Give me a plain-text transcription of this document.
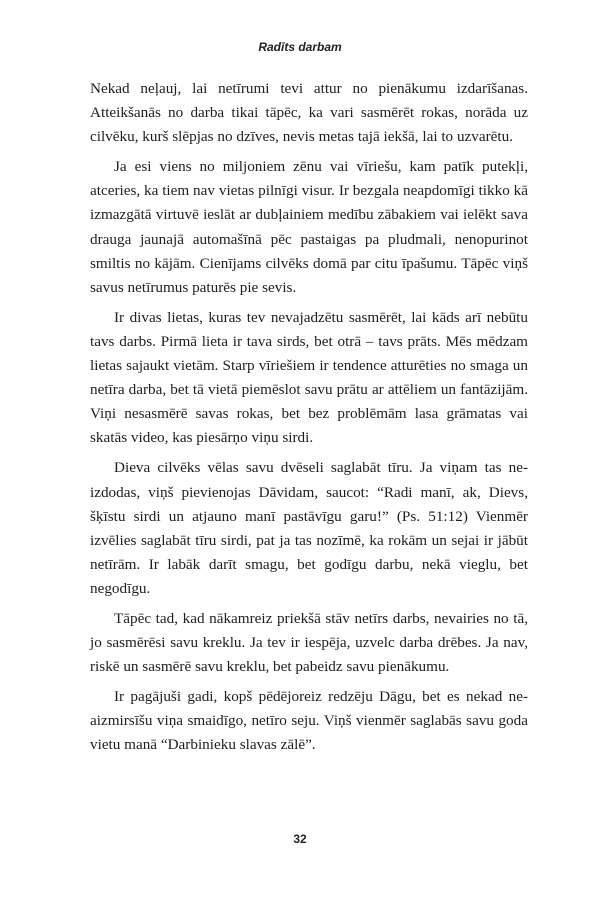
Radīts darbam

Nekad neļauj, lai netīrumi tevi attur no pienākumu izdarīšanas. Atteikšanās no darba tikai tāpēc, ka vari sasmērēt rokas, norāda uz cilvēku, kurš slēpjas no dzīves, nevis metas tajā iekšā, lai to uzvarētu.

Ja esi viens no miljoniem zēnu vai vīriešu, kam patīk putekļi, atceries, ka tiem nav vietas pilnīgi visur. Ir bezgala neapdomīgi tikko kā izmazgātā virtuvē ieslāt ar dubļainiem medību zābakiem vai ielēkt sava drauga jaunajā automašīnā pēc pastaigas pa pludmali, nenopurinot smiltis no kājām. Cienījams cilvēks domā par citu īpašumu. Tāpēc viņš savus netīrumus paturēs pie sevis.

Ir divas lietas, kuras tev nevajadzētu sasmērēt, lai kāds arī nebūtu tavs darbs. Pirmā lieta ir tava sirds, bet otrā – tavs prāts. Mēs mēdzam lietas sajaukt vietām. Starp vīriešiem ir tendence atturēties no smaga un netīra darba, bet tā vietā piemēslot savu prātu ar attēliem un fantāzijām. Viņi nesasmērē savas rokas, bet bez problēmām lasa grāmatas vai skatās video, kas piesārņo viņu sirdi.

Dieva cilvēks vēlas savu dvēseli saglabāt tīru. Ja viņam tas neizdodas, viņš pievienojas Dāvidam, saucot: “Radi manī, ak, Dievs, šķīstu sirdi un atjauno manī pastāvīgu garu!” (Ps. 51:12) Vienmēr izvēlies saglabāt tīru sirdi, pat ja tas nozīmē, ka rokām un sejai ir jābūt netīrām. Ir labāk darīt smagu, bet godīgu darbu, nekā vieglu, bet negodīgu.

Tāpēc tad, kad nākamreiz priekšā stāv netīrs darbs, nevairies no tā, jo sasmērēsi savu kreklu. Ja tev ir iespēja, uzvelc darba drēbes. Ja nav, riskē un sasmērē savu kreklu, bet pabeidz savu pienākumu.

Ir pagājuši gadi, kopš pēdējoreiz redzēju Dāgu, bet es nekad neaizmirsīšu viņa smaidīgo, netīro seju. Viņš vienmēr saglabās savu goda vietu manā “Darbinieku slavas zālē”.

32
